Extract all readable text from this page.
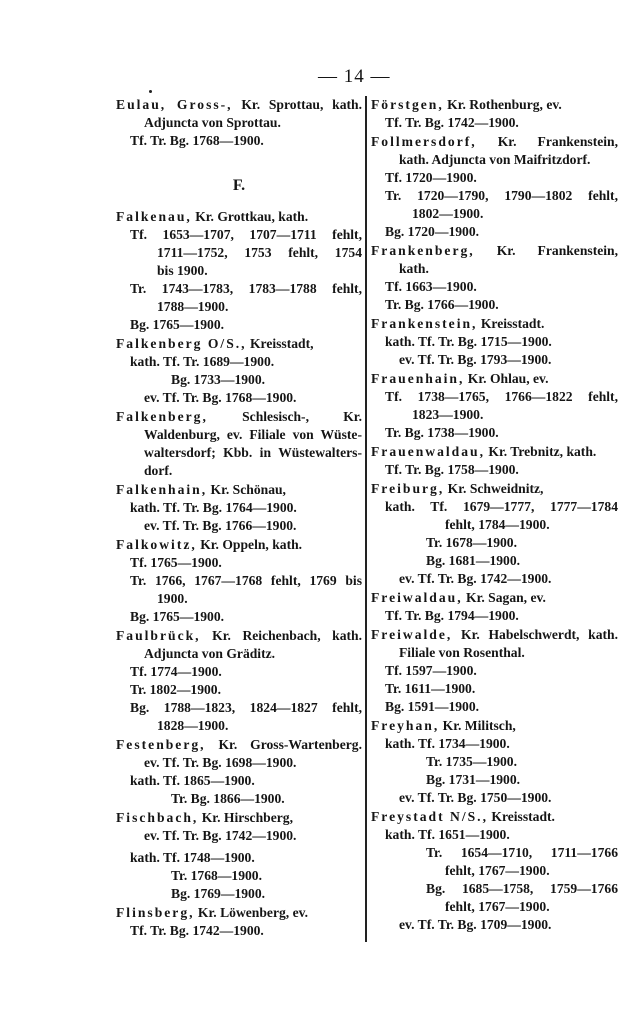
— 14 —
Eulau, Gross-, Kr. Sprottau, kath.
Adjuncta von Sprottau.
Tf. Tr. Bg. 1768—1900.
F.
Falkenau, Kr. Grottkau, kath.
Tf. 1653—1707, 1707—1711 fehlt,
1711—1752, 1753 fehlt, 1754
bis 1900.
Tr. 1743—1783, 1783—1788 fehlt,
1788—1900.
Bg. 1765—1900.
Falkenberg O/S., Kreisstadt,
kath. Tf. Tr. 1689—1900.
Bg. 1733—1900.
ev. Tf. Tr. Bg. 1768—1900.
Falkenberg, Schlesisch-, Kr.
Waldenburg, ev. Filiale von Wüste-
waltersdorf; Kbb. in Wüstewalters-
dorf.
Falkenhain, Kr. Schönau,
kath. Tf. Tr. Bg. 1764—1900.
ev. Tf. Tr. Bg. 1766—1900.
Falkowitz, Kr. Oppeln, kath.
Tf. 1765—1900.
Tr. 1766, 1767—1768 fehlt, 1769 bis
1900.
Bg. 1765—1900.
Faulbrück, Kr. Reichenbach, kath.
Adjuncta von Gräditz.
Tf. 1774—1900.
Tr. 1802—1900.
Bg. 1788—1823, 1824—1827 fehlt,
1828—1900.
Festenberg, Kr. Gross-Wartenberg.
ev. Tf. Tr. Bg. 1698—1900.
kath. Tf. 1865—1900.
Tr. Bg. 1866—1900.
Fischbach, Kr. Hirschberg,
ev. Tf. Tr. Bg. 1742—1900.
kath. Tf. 1748—1900.
Tr. 1768—1900.
Bg. 1769—1900.
Flinsberg, Kr. Löwenberg, ev.
Tf. Tr. Bg. 1742—1900.
Förstgen, Kr. Rothenburg, ev.
Tf. Tr. Bg. 1742—1900.
Follmersdorf, Kr. Frankenstein,
kath. Adjuncta von Maifritzdorf.
Tf. 1720—1900.
Tr. 1720—1790, 1790—1802 fehlt,
1802—1900.
Bg. 1720—1900.
Frankenberg, Kr. Frankenstein,
kath.
Tf. 1663—1900.
Tr. Bg. 1766—1900.
Frankenstein, Kreisstadt.
kath. Tf. Tr. Bg. 1715—1900.
ev. Tf. Tr. Bg. 1793—1900.
Frauenhain, Kr. Ohlau, ev.
Tf. 1738—1765, 1766—1822 fehlt,
1823—1900.
Tr. Bg. 1738—1900.
Frauenwaldau, Kr. Trebnitz, kath.
Tf. Tr. Bg. 1758—1900.
Freiburg, Kr. Schweidnitz,
kath. Tf. 1679—1777, 1777—1784
fehlt, 1784—1900.
Tr. 1678—1900.
Bg. 1681—1900.
ev. Tf. Tr. Bg. 1742—1900.
Freiwaldau, Kr. Sagan, ev.
Tf. Tr. Bg. 1794—1900.
Freiwalde, Kr. Habelschwerdt, kath.
Filiale von Rosenthal.
Tf. 1597—1900.
Tr. 1611—1900.
Bg. 1591—1900.
Freyhan, Kr. Militsch,
kath. Tf. 1734—1900.
Tr. 1735—1900.
Bg. 1731—1900.
ev. Tf. Tr. Bg. 1750—1900.
Freystadt N/S., Kreisstadt.
kath. Tf. 1651—1900.
Tr. 1654—1710, 1711—1766
fehlt, 1767—1900.
Bg. 1685—1758, 1759—1766
fehlt, 1767—1900.
ev. Tf. Tr. Bg. 1709—1900.
